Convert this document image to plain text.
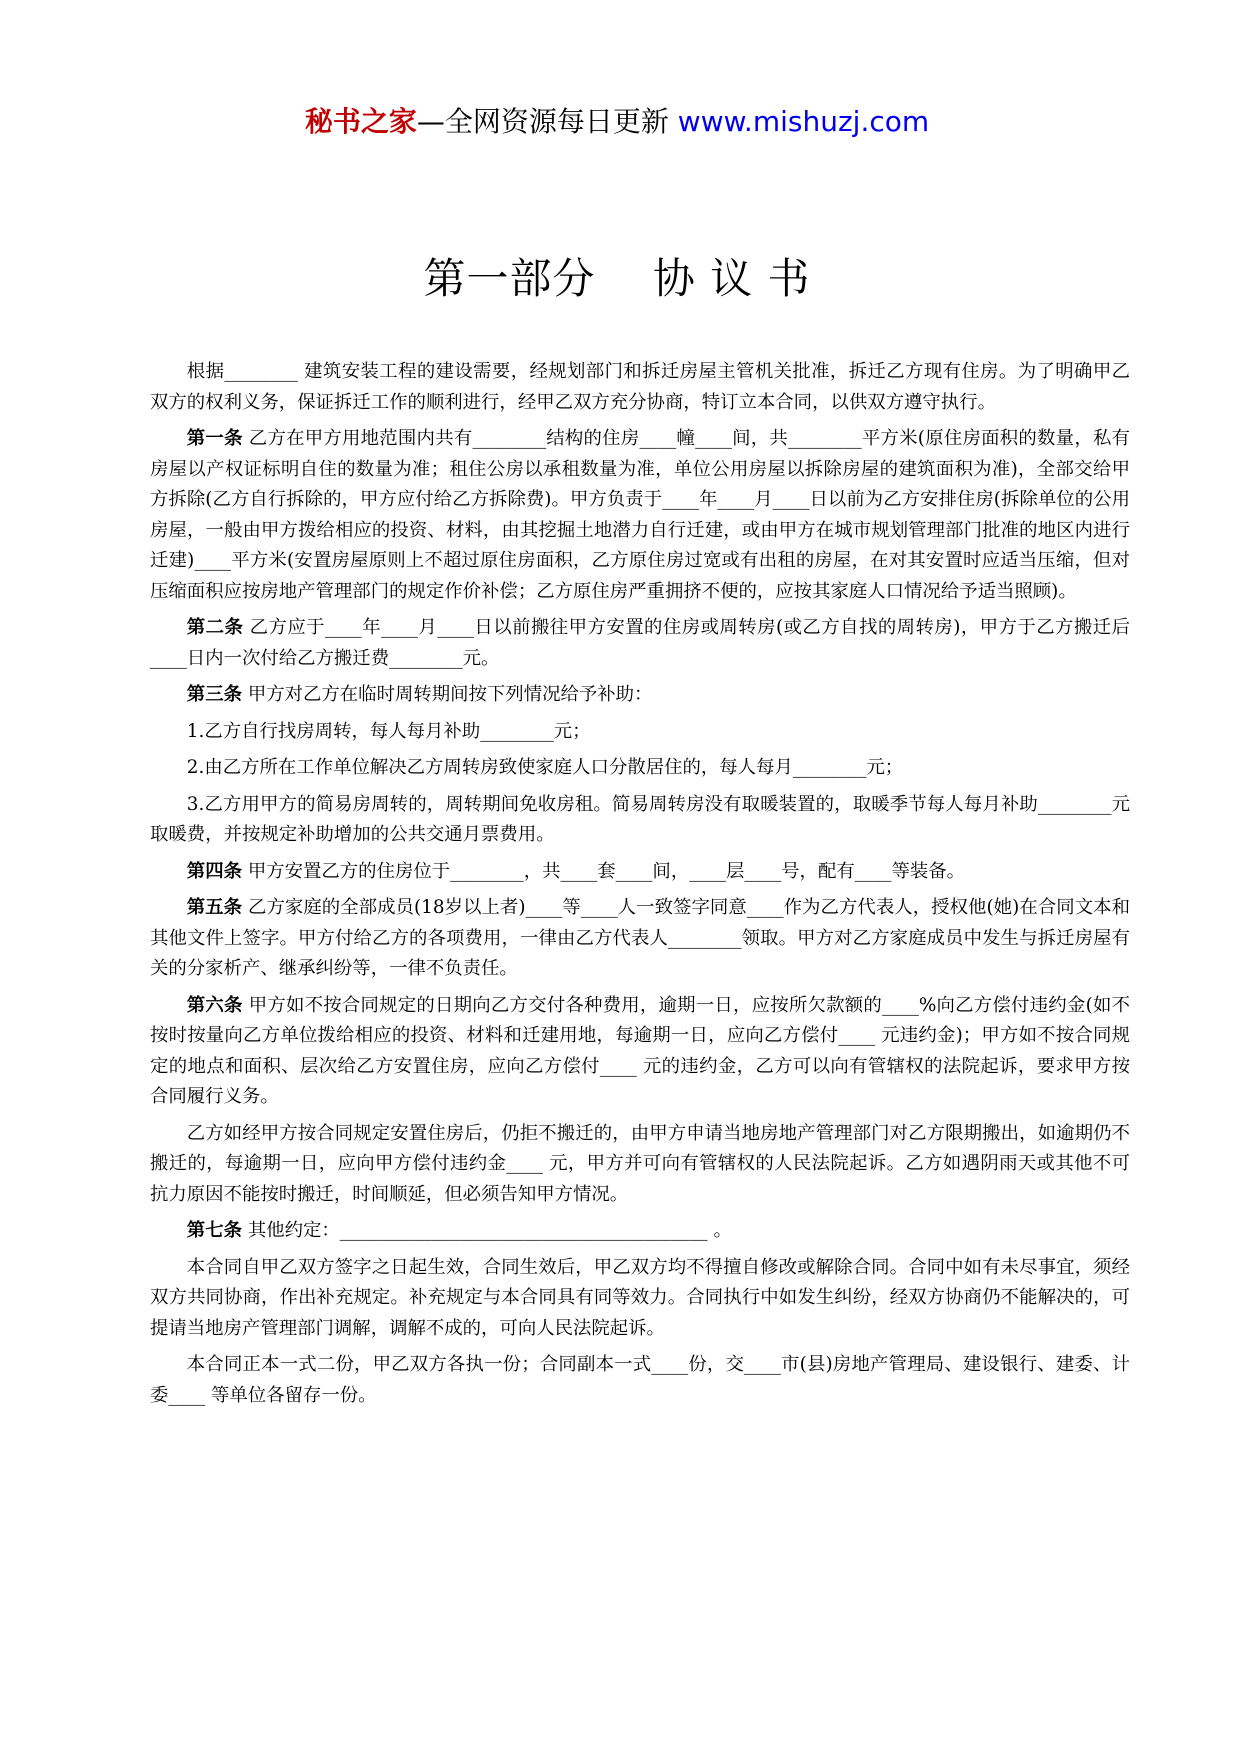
秘书之家—全网资源每日更新 www.mishuzj.com
第一部分　 协 议 书

根据________ 建筑安装工程的建设需要，经规划部门和拆迁房屋主管机关批准，拆迁乙方现有住房。为了明确甲乙双方的权利义务，保证拆迁工作的顺利进行，经甲乙双方充分协商，特订立本合同，以供双方遵守执行。

第一条 乙方在甲方用地范围内共有________结构的住房____幢____间，共________平方米(原住房面积的数量，私有房屋以产权证标明自住的数量为准；租住公房以承租数量为准，单位公用房屋以拆除房屋的建筑面积为准)，全部交给甲方拆除(乙方自行拆除的，甲方应付给乙方拆除费)。甲方负责于____年____月____日以前为乙方安排住房(拆除单位的公用房屋，一般由甲方拨给相应的投资、材料，由其挖掘土地潜力自行迁建，或由甲方在城市规划管理部门批准的地区内进行迁建)____平方米(安置房屋原则上不超过原住房面积，乙方原住房过宽或有出租的房屋，在对其安置时应适当压缩，但对压缩面积应按房地产管理部门的规定作价补偿；乙方原住房严重拥挤不便的，应按其家庭人口情况给予适当照顾)。

第二条 乙方应于____年____月____日以前搬往甲方安置的住房或周转房(或乙方自找的周转房)，甲方于乙方搬迁后____日内一次付给乙方搬迁费________元。

第三条 甲方对乙方在临时周转期间按下列情况给予补助：

1.乙方自行找房周转，每人每月补助________元；

2.由乙方所在工作单位解决乙方周转房致使家庭人口分散居住的，每人每月________元；

3.乙方用甲方的简易房周转的，周转期间免收房租。简易周转房没有取暖装置的，取暖季节每人每月补助________元取暖费，并按规定补助增加的公共交通月票费用。

第四条 甲方安置乙方的住房位于________，共____套____间，____层____号，配有____等装备。

第五条 乙方家庭的全部成员(18岁以上者)____等____人一致签字同意____作为乙方代表人，授权他(她)在合同文本和其他文件上签字。甲方付给乙方的各项费用，一律由乙方代表人________领取。甲方对乙方家庭成员中发生与拆迁房屋有关的分家析产、继承纠纷等，一律不负责任。

第六条 甲方如不按合同规定的日期向乙方交付各种费用，逾期一日，应按所欠款额的____%向乙方偿付违约金(如不按时按量向乙方单位拨给相应的投资、材料和迁建用地，每逾期一日，应向乙方偿付____ 元违约金)；甲方如不按合同规定的地点和面积、层次给乙方安置住房，应向乙方偿付____ 元的违约金，乙方可以向有管辖权的法院起诉，要求甲方按合同履行义务。

乙方如经甲方按合同规定安置住房后，仍拒不搬迁的，由甲方申请当地房地产管理部门对乙方限期搬出，如逾期仍不搬迁的，每逾期一日，应向甲方偿付违约金____ 元，甲方并可向有管辖权的人民法院起诉。乙方如遇阴雨天或其他不可抗力原因不能按时搬迁，时间顺延，但必须告知甲方情况。

第七条 其他约定：________________________________________ 。

本合同自甲乙双方签字之日起生效，合同生效后，甲乙双方均不得擅自修改或解除合同。合同中如有未尽事宜，须经双方共同协商，作出补充规定。补充规定与本合同具有同等效力。合同执行中如发生纠纷，经双方协商仍不能解决的，可提请当地房产管理部门调解，调解不成的，可向人民法院起诉。

本合同正本一式二份，甲乙双方各执一份；合同副本一式____份，交____市(县)房地产管理局、建设银行、建委、计委____ 等单位各留存一份。
